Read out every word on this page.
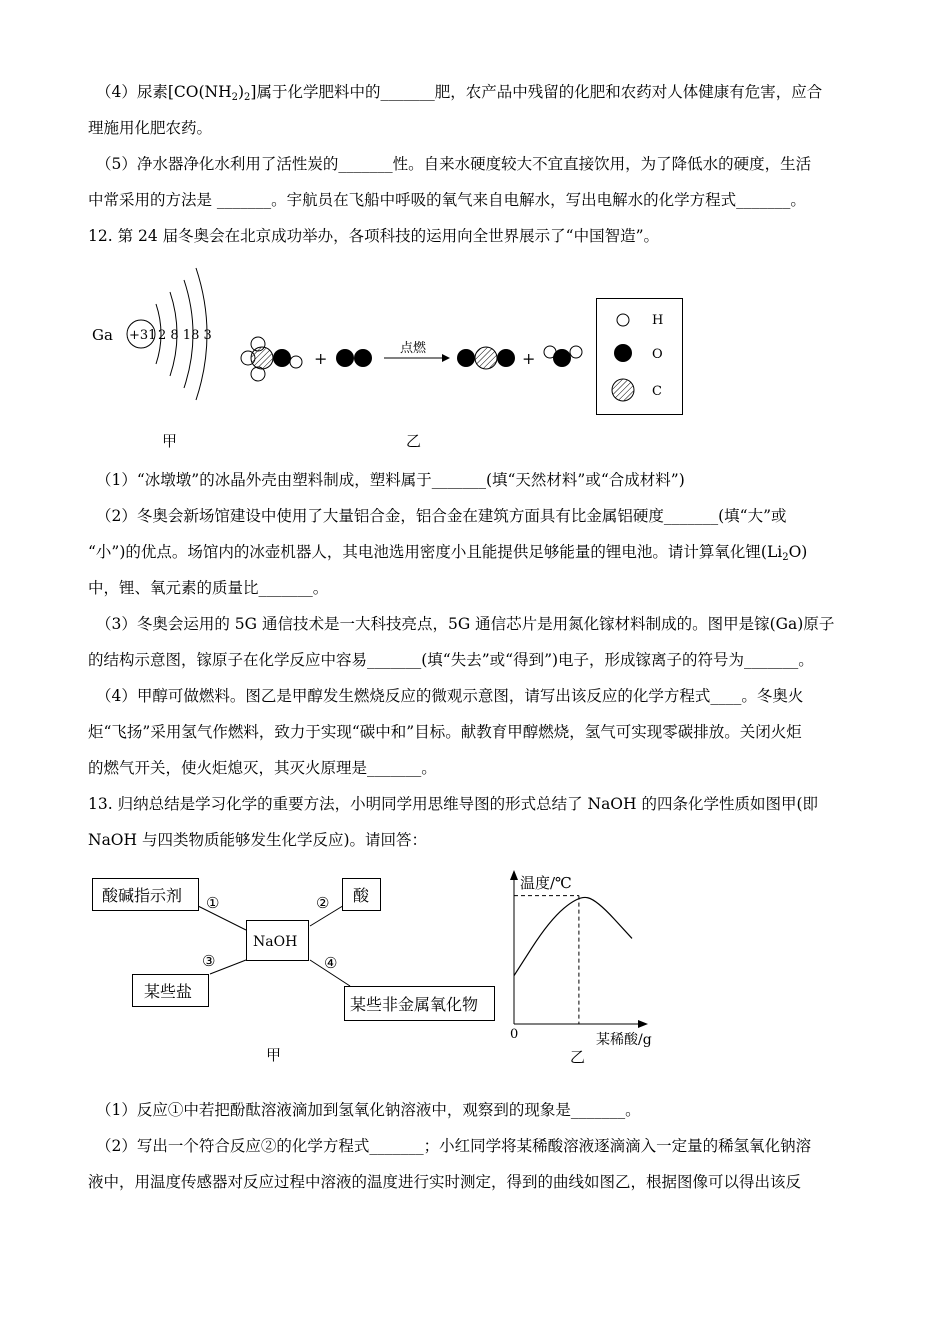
（4）尿素$[CO(NH_2)_2]$属于化学肥料中的_______肥，农产品中残留的化肥和农药对人体健康有危害，应合
理施用化肥农药。
（5）净水器净化水利用了活性炭的_______性。自来水硬度较大不宜直接饮用，为了降低水的硬度，生活
中常采用的方法是 _______。宇航员在飞船中呼吸的氧气来自电解水，写出电解水的化学方程式_______。
12. 第 24 届冬奥会在北京成功举办，各项科技的运用向全世界展示了“中国智造”。
Ga +31 2 8 18 3
甲
+
点燃
+
乙
H
O
C
（1）“冰墩墩”的冰晶外壳由塑料制成，塑料属于_______(填“天然材料”或“合成材料”)
（2）冬奥会新场馆建设中使用了大量铝合金，铝合金在建筑方面具有比金属铝硬度_______(填“大”或
“小”)的优点。场馆内的冰壶机器人，其电池选用密度小且能提供足够能量的锂电池。请计算氧化锂$(Li_2O)$
中，锂、氧元素的质量比_______。
（3）冬奥会运用的 5G 通信技术是一大科技亮点，5G 通信芯片是用氮化镓材料制成的。图甲是镓(Ga)原子
的结构示意图，镓原子在化学反应中容易_______(填“失去”或“得到”)电子，形成镓离子的符号为_______。
（4）甲醇可做燃料。图乙是甲醇发生燃烧反应的微观示意图，请写出该反应的化学方程式____。冬奥火
炬“飞扬”采用氢气作燃料，致力于实现“碳中和”目标。献教育甲醇燃烧，氢气可实现零碳排放。关闭火炬
的燃气开关，使火炬熄灭，其灭火原理是_______。
13. 归纳总结是学习化学的重要方法，小明同学用思维导图的形式总结了 NaOH 的四条化学性质如图甲(即
NaOH 与四类物质能够发生化学反应)。请回答：
酸碱指示剂	酸
NaOH
某些盐
某些非金属氧化物
①	②
③	④
甲
温度/℃
某稀酸/g
0
乙
（1）反应①中若把酚酞溶液滴加到氢氧化钠溶液中，观察到的现象是_______。
（2）写出一个符合反应②的化学方程式_______；小红同学将某稀酸溶液逐滴滴入一定量的稀氢氧化钠溶
液中，用温度传感器对反应过程中溶液的温度进行实时测定，得到的曲线如图乙，根据图像可以得出该反
